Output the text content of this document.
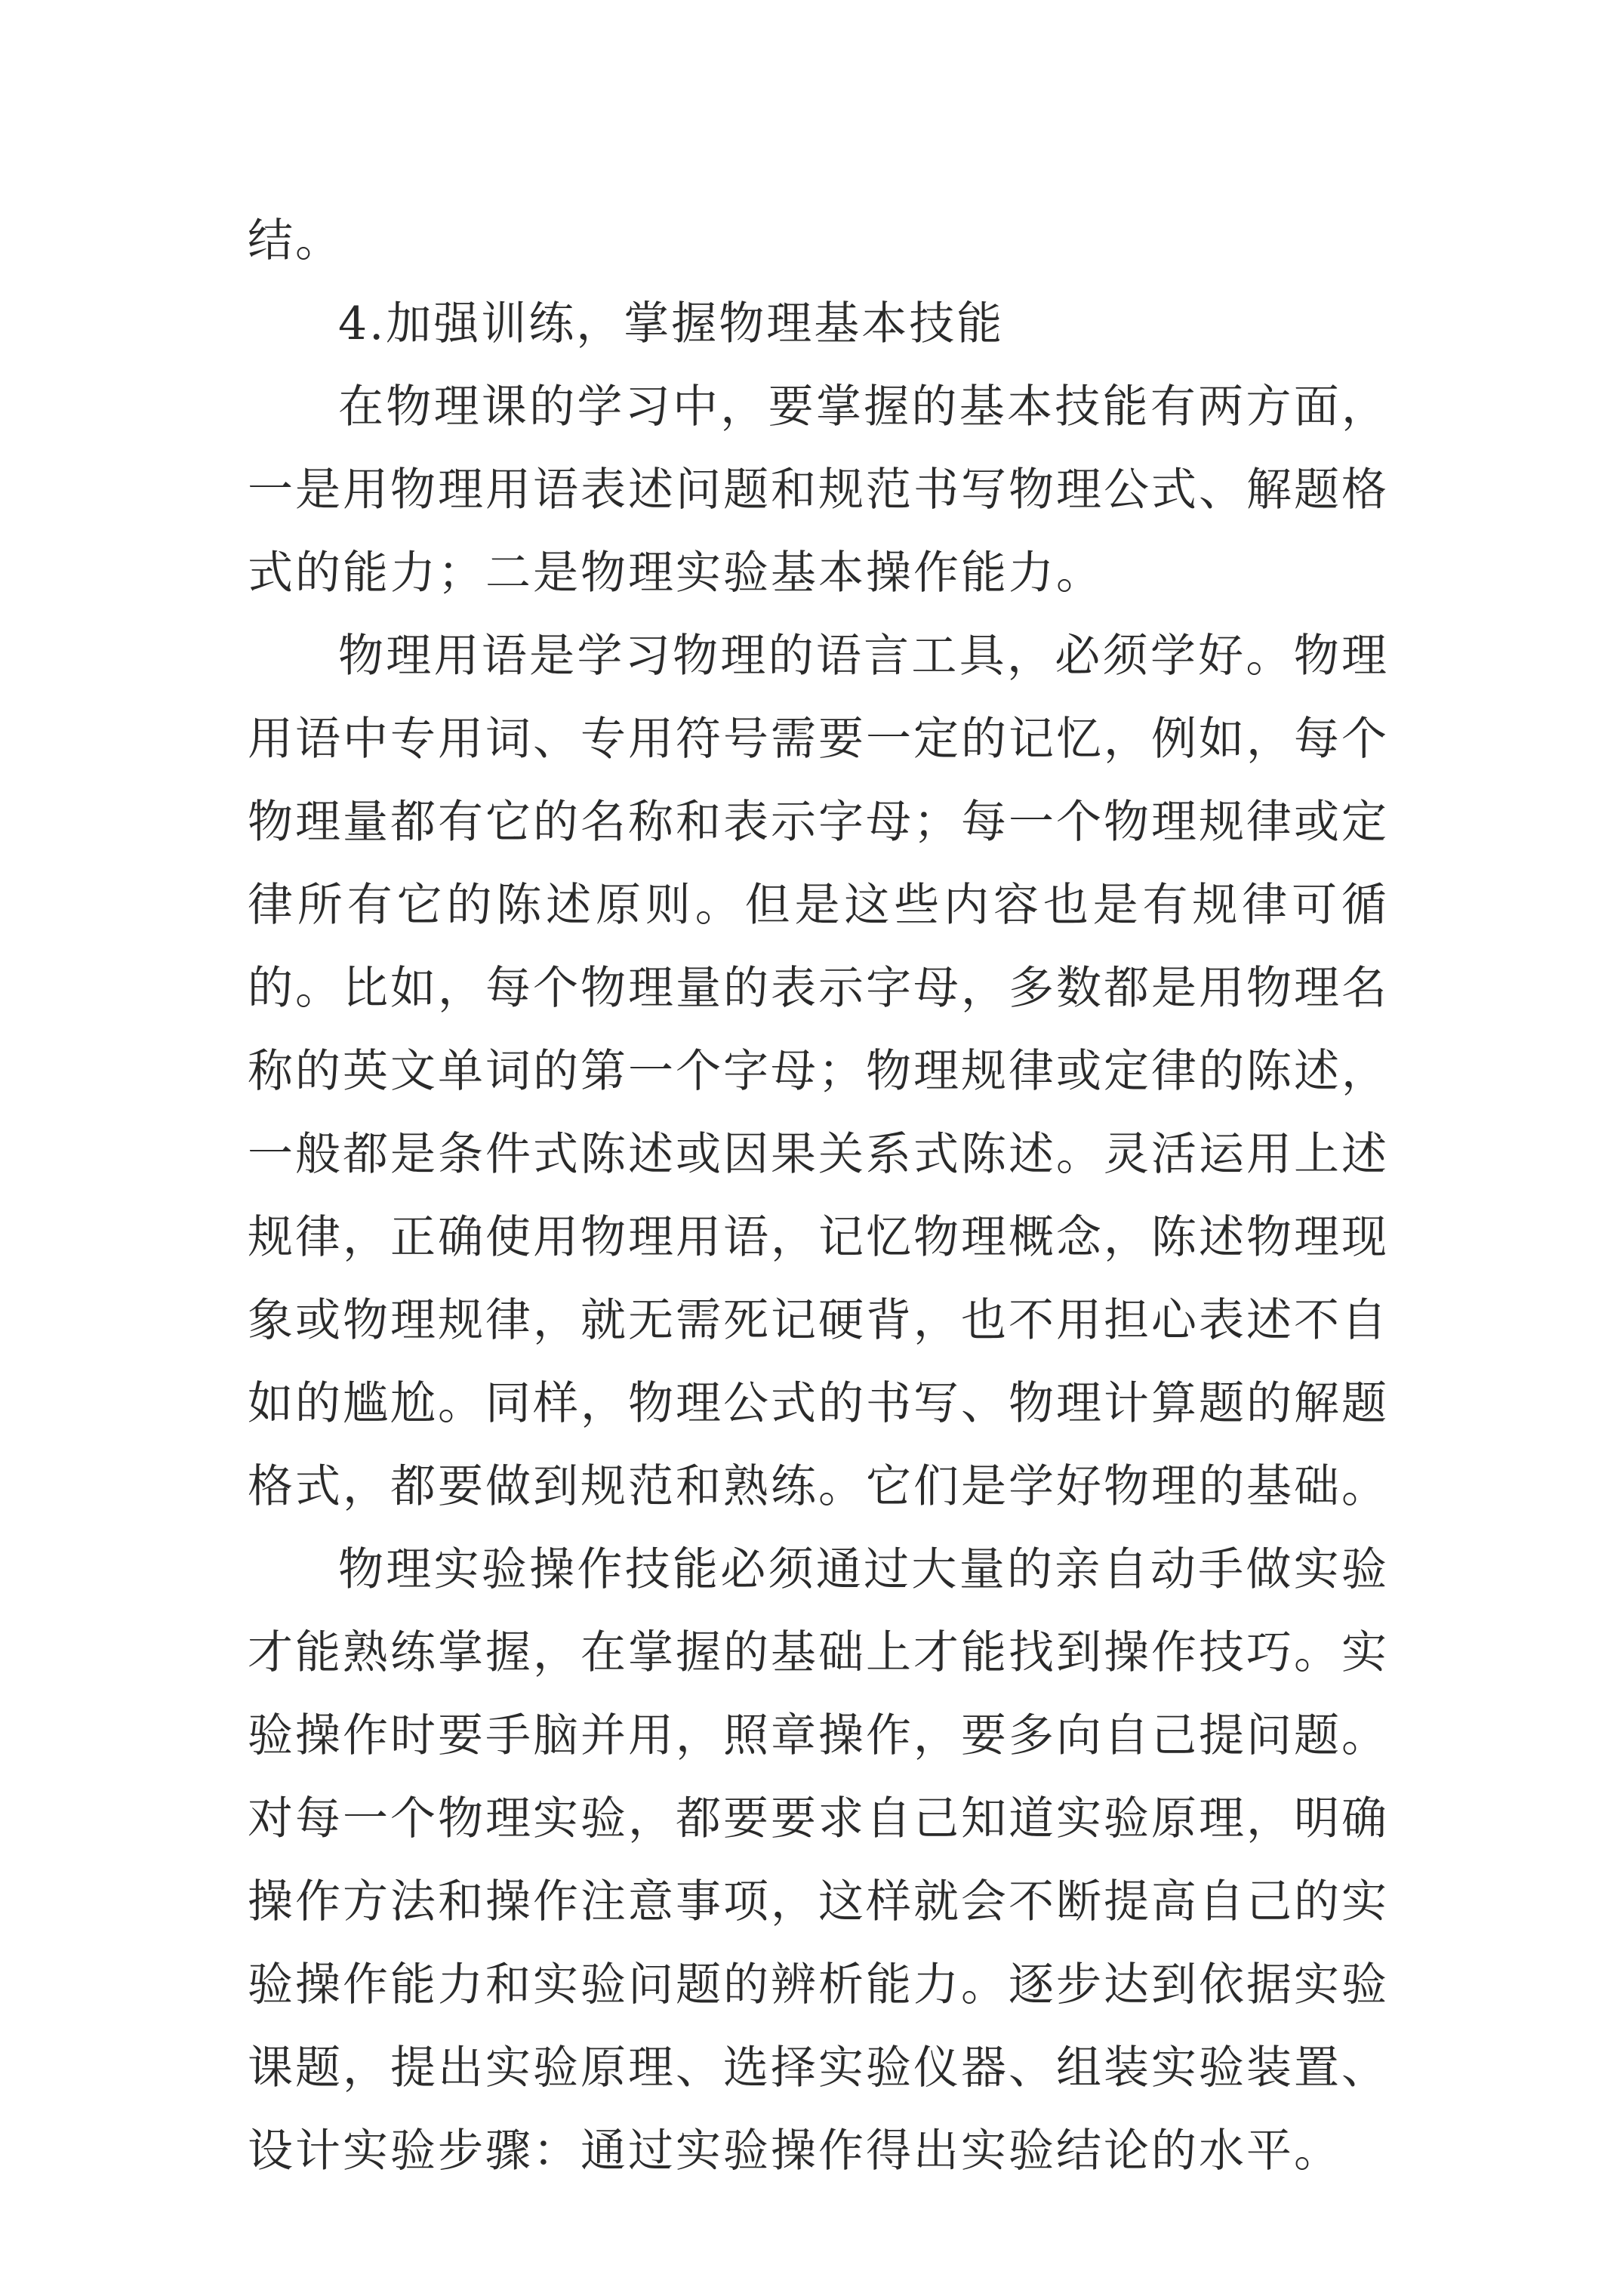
结。

4.加强训练，掌握物理基本技能

在物理课的学习中，要掌握的基本技能有两方面，一是用物理用语表述问题和规范书写物理公式、解题格式的能力；二是物理实验基本操作能力。

物理用语是学习物理的语言工具，必须学好。物理用语中专用词、专用符号需要一定的记忆，例如，每个物理量都有它的名称和表示字母；每一个物理规律或定律所有它的陈述原则。但是这些内容也是有规律可循的。比如，每个物理量的表示字母，多数都是用物理名称的英文单词的第一个字母；物理规律或定律的陈述，一般都是条件式陈述或因果关系式陈述。灵活运用上述规律，正确使用物理用语，记忆物理概念，陈述物理现象或物理规律，就无需死记硬背，也不用担心表述不自如的尴尬。同样，物理公式的书写、物理计算题的解题格式，都要做到规范和熟练。它们是学好物理的基础。

物理实验操作技能必须通过大量的亲自动手做实验才能熟练掌握，在掌握的基础上才能找到操作技巧。实验操作时要手脑并用，照章操作，要多向自己提问题。对每一个物理实验，都要要求自己知道实验原理，明确操作方法和操作注意事项，这样就会不断提高自己的实验操作能力和实验问题的辨析能力。逐步达到依据实验课题，提出实验原理、选择实验仪器、组装实验装置、设计实验步骤：通过实验操作得出实验结论的水平。
